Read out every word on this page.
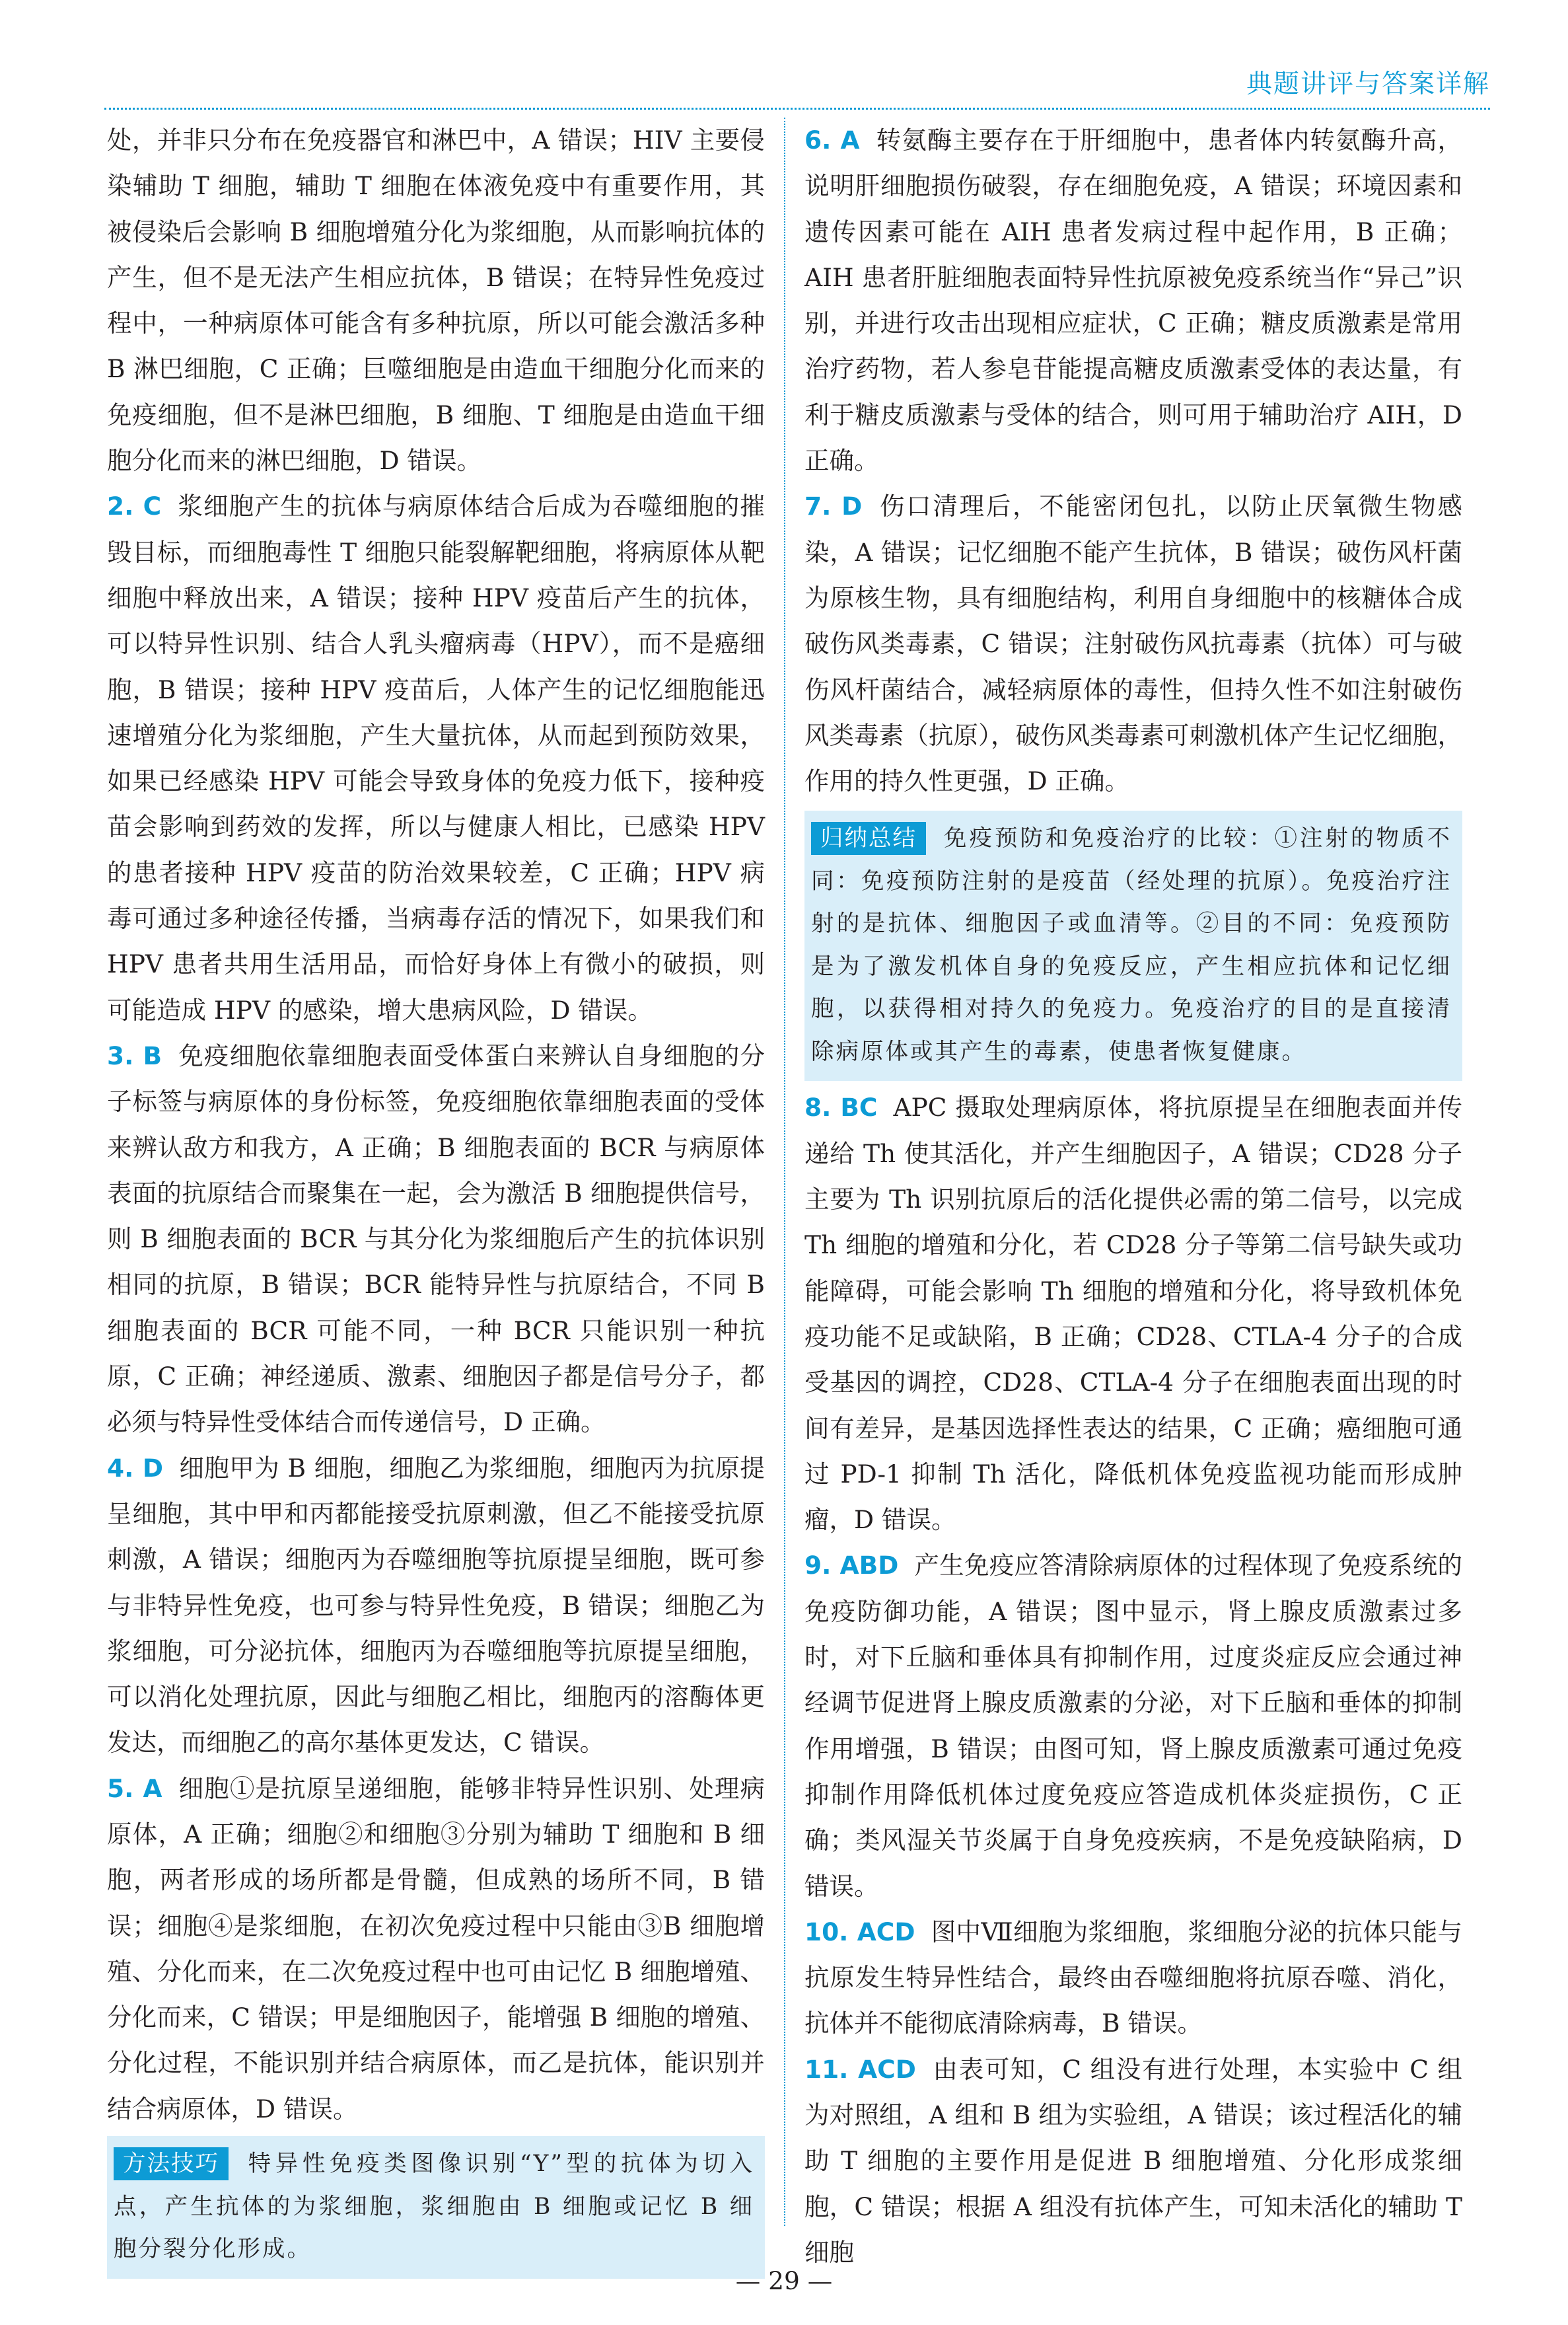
典题讲评与答案详解

处，并非只分布在免疫器官和淋巴中，A 错误；HIV 主要侵染辅助 T 细胞，辅助 T 细胞在体液免疫中有重要作用，其被侵染后会影响 B 细胞增殖分化为浆细胞，从而影响抗体的产生，但不是无法产生相应抗体，B 错误；在特异性免疫过程中，一种病原体可能含有多种抗原，所以可能会激活多种 B 淋巴细胞，C 正确；巨噬细胞是由造血干细胞分化而来的免疫细胞，但不是淋巴细胞，B 细胞、T 细胞是由造血干细胞分化而来的淋巴细胞，D 错误。

2. C 浆细胞产生的抗体与病原体结合后成为吞噬细胞的摧毁目标，而细胞毒性 T 细胞只能裂解靶细胞，将病原体从靶细胞中释放出来，A 错误；接种 HPV 疫苗后产生的抗体，可以特异性识别、结合人乳头瘤病毒（HPV），而不是癌细胞，B 错误；接种 HPV 疫苗后，人体产生的记忆细胞能迅速增殖分化为浆细胞，产生大量抗体，从而起到预防效果，如果已经感染 HPV 可能会导致身体的免疫力低下，接种疫苗会影响到药效的发挥，所以与健康人相比，已感染 HPV 的患者接种 HPV 疫苗的防治效果较差，C 正确；HPV 病毒可通过多种途径传播，当病毒存活的情况下，如果我们和 HPV 患者共用生活用品，而恰好身体上有微小的破损，则可能造成 HPV 的感染，增大患病风险，D 错误。

3. B 免疫细胞依靠细胞表面受体蛋白来辨认自身细胞的分子标签与病原体的身份标签，免疫细胞依靠细胞表面的受体来辨认敌方和我方，A 正确；B 细胞表面的 BCR 与病原体表面的抗原结合而聚集在一起，会为激活 B 细胞提供信号，则 B 细胞表面的 BCR 与其分化为浆细胞后产生的抗体识别相同的抗原，B 错误；BCR 能特异性与抗原结合，不同 B 细胞表面的 BCR 可能不同，一种 BCR 只能识别一种抗原，C 正确；神经递质、激素、细胞因子都是信号分子，都必须与特异性受体结合而传递信号，D 正确。

4. D 细胞甲为 B 细胞，细胞乙为浆细胞，细胞丙为抗原提呈细胞，其中甲和丙都能接受抗原刺激，但乙不能接受抗原刺激，A 错误；细胞丙为吞噬细胞等抗原提呈细胞，既可参与非特异性免疫，也可参与特异性免疫，B 错误；细胞乙为浆细胞，可分泌抗体，细胞丙为吞噬细胞等抗原提呈细胞，可以消化处理抗原，因此与细胞乙相比，细胞丙的溶酶体更发达，而细胞乙的高尔基体更发达，C 错误。

5. A 细胞①是抗原呈递细胞，能够非特异性识别、处理病原体，A 正确；细胞②和细胞③分别为辅助 T 细胞和 B 细胞，两者形成的场所都是骨髓，但成熟的场所不同，B 错误；细胞④是浆细胞，在初次免疫过程中只能由③B 细胞增殖、分化而来，在二次免疫过程中也可由记忆 B 细胞增殖、分化而来，C 错误；甲是细胞因子，能增强 B 细胞的增殖、分化过程，不能识别并结合病原体，而乙是抗体，能识别并结合病原体，D 错误。

方法技巧 特异性免疫类图像识别“Y”型的抗体为切入点，产生抗体的为浆细胞，浆细胞由 B 细胞或记忆 B 细胞分裂分化形成。

6. A 转氨酶主要存在于肝细胞中，患者体内转氨酶升高，说明肝细胞损伤破裂，存在细胞免疫，A 错误；环境因素和遗传因素可能在 AIH 患者发病过程中起作用，B 正确；AIH 患者肝脏细胞表面特异性抗原被免疫系统当作“异己”识别，并进行攻击出现相应症状，C 正确；糖皮质激素是常用治疗药物，若人参皂苷能提高糖皮质激素受体的表达量，有利于糖皮质激素与受体的结合，则可用于辅助治疗 AIH，D 正确。

7. D 伤口清理后，不能密闭包扎，以防止厌氧微生物感染，A 错误；记忆细胞不能产生抗体，B 错误；破伤风杆菌为原核生物，具有细胞结构，利用自身细胞中的核糖体合成破伤风类毒素，C 错误；注射破伤风抗毒素（抗体）可与破伤风杆菌结合，减轻病原体的毒性，但持久性不如注射破伤风类毒素（抗原），破伤风类毒素可刺激机体产生记忆细胞，作用的持久性更强，D 正确。

归纳总结 免疫预防和免疫治疗的比较：①注射的物质不同：免疫预防注射的是疫苗（经处理的抗原）。免疫治疗注射的是抗体、细胞因子或血清等。②目的不同：免疫预防是为了激发机体自身的免疫反应，产生相应抗体和记忆细胞，以获得相对持久的免疫力。免疫治疗的目的是直接清除病原体或其产生的毒素，使患者恢复健康。

8. BC APC 摄取处理病原体，将抗原提呈在细胞表面并传递给 Th 使其活化，并产生细胞因子，A 错误；CD28 分子主要为 Th 识别抗原后的活化提供必需的第二信号，以完成 Th 细胞的增殖和分化，若 CD28 分子等第二信号缺失或功能障碍，可能会影响 Th 细胞的增殖和分化，将导致机体免疫功能不足或缺陷，B 正确；CD28、CTLA-4 分子的合成受基因的调控，CD28、CTLA-4 分子在细胞表面出现的时间有差异，是基因选择性表达的结果，C 正确；癌细胞可通过 PD-1 抑制 Th 活化，降低机体免疫监视功能而形成肿瘤，D 错误。

9. ABD 产生免疫应答清除病原体的过程体现了免疫系统的免疫防御功能，A 错误；图中显示，肾上腺皮质激素过多时，对下丘脑和垂体具有抑制作用，过度炎症反应会通过神经调节促进肾上腺皮质激素的分泌，对下丘脑和垂体的抑制作用增强，B 错误；由图可知，肾上腺皮质激素可通过免疫抑制作用降低机体过度免疫应答造成机体炎症损伤，C 正确；类风湿关节炎属于自身免疫疾病，不是免疫缺陷病，D 错误。

10. ACD 图中Ⅶ细胞为浆细胞，浆细胞分泌的抗体只能与抗原发生特异性结合，最终由吞噬细胞将抗原吞噬、消化，抗体并不能彻底清除病毒，B 错误。

11. ACD 由表可知，C 组没有进行处理，本实验中 C 组为对照组，A 组和 B 组为实验组，A 错误；该过程活化的辅助 T 细胞的主要作用是促进 B 细胞增殖、分化形成浆细胞，C 错误；根据 A 组没有抗体产生，可知未活化的辅助 T 细胞

— 29 —
